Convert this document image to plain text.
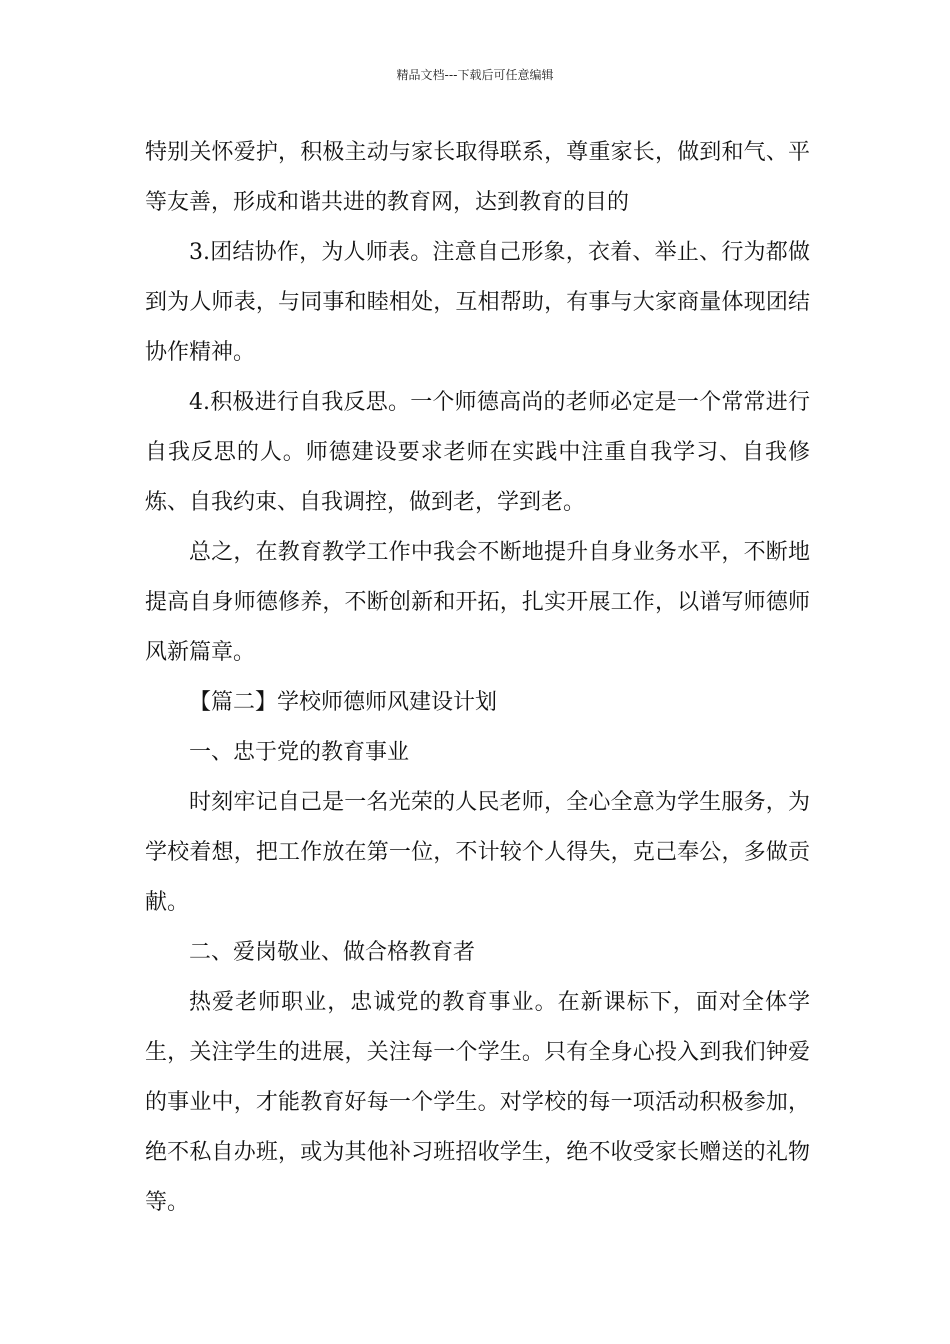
精品文档---下载后可任意编辑

特别关怀爱护，积极主动与家长取得联系，尊重家长，做到和气、平等友善，形成和谐共进的教育网，达到教育的目的

3.团结协作，为人师表。注意自己形象，衣着、举止、行为都做到为人师表，与同事和睦相处，互相帮助，有事与大家商量体现团结协作精神。

4.积极进行自我反思。一个师德高尚的老师必定是一个常常进行自我反思的人。师德建设要求老师在实践中注重自我学习、自我修炼、自我约束、自我调控，做到老，学到老。

总之，在教育教学工作中我会不断地提升自身业务水平，不断地提高自身师德修养，不断创新和开拓，扎实开展工作，以谱写师德师风新篇章。

【篇二】学校师德师风建设计划

一、忠于党的教育事业

时刻牢记自己是一名光荣的人民老师，全心全意为学生服务，为学校着想，把工作放在第一位，不计较个人得失，克己奉公，多做贡献。

二、爱岗敬业、做合格教育者

热爱老师职业，忠诚党的教育事业。在新课标下，面对全体学生，关注学生的进展，关注每一个学生。只有全身心投入到我们钟爱的事业中，才能教育好每一个学生。对学校的每一项活动积极参加，绝不私自办班，或为其他补习班招收学生，绝不收受家长赠送的礼物等。
